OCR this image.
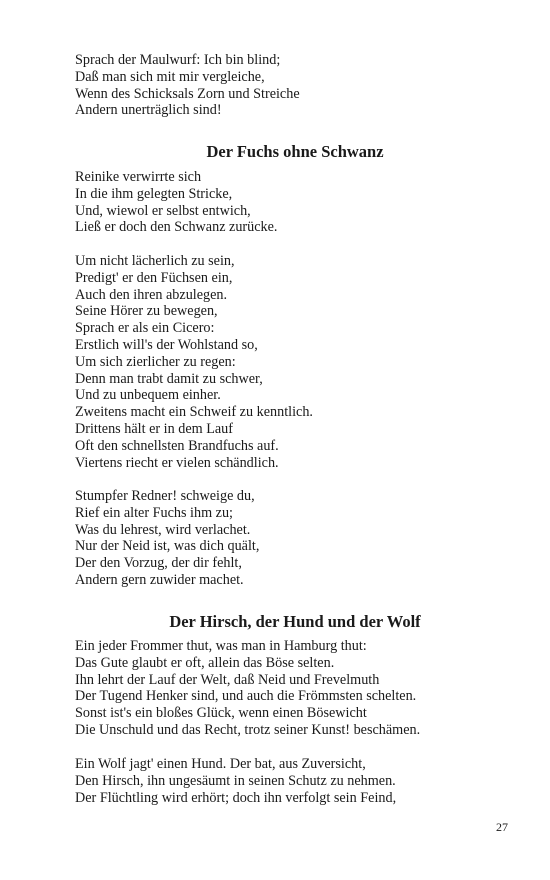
Sprach der Maulwurf: Ich bin blind;
Daß man sich mit mir vergleiche,
Wenn des Schicksals Zorn und Streiche
Andern unerträglich sind!
Der Fuchs ohne Schwanz
Reinike verwirrte sich
In die ihm gelegten Stricke,
Und, wiewol er selbst entwich,
Ließ er doch den Schwanz zurücke.
Um nicht lächerlich zu sein,
Predigt' er den Füchsen ein,
Auch den ihren abzulegen.
Seine Hörer zu bewegen,
Sprach er als ein Cicero:
Erstlich will's der Wohlstand so,
Um sich zierlicher zu regen:
Denn man trabt damit zu schwer,
Und zu unbequem einher.
Zweitens macht ein Schweif zu kenntlich.
Drittens hält er in dem Lauf
Oft den schnellsten Brandfuchs auf.
Viertens riecht er vielen schändlich.
Stumpfer Redner! schweige du,
Rief ein alter Fuchs ihm zu;
Was du lehrest, wird verlachet.
Nur der Neid ist, was dich quält,
Der den Vorzug, der dir fehlt,
Andern gern zuwider machet.
Der Hirsch, der Hund und der Wolf
Ein jeder Frommer thut, was man in Hamburg thut:
Das Gute glaubt er oft, allein das Böse selten.
Ihn lehrt der Lauf der Welt, daß Neid und Frevelmuth
Der Tugend Henker sind, und auch die Frömmsten schelten.
Sonst ist's ein bloßes Glück, wenn einen Bösewicht
Die Unschuld und das Recht, trotz seiner Kunst! beschämen.
Ein Wolf jagt' einen Hund. Der bat, aus Zuversicht,
Den Hirsch, ihn ungesäumt in seinen Schutz zu nehmen.
Der Flüchtling wird erhört; doch ihn verfolgt sein Feind,
27
